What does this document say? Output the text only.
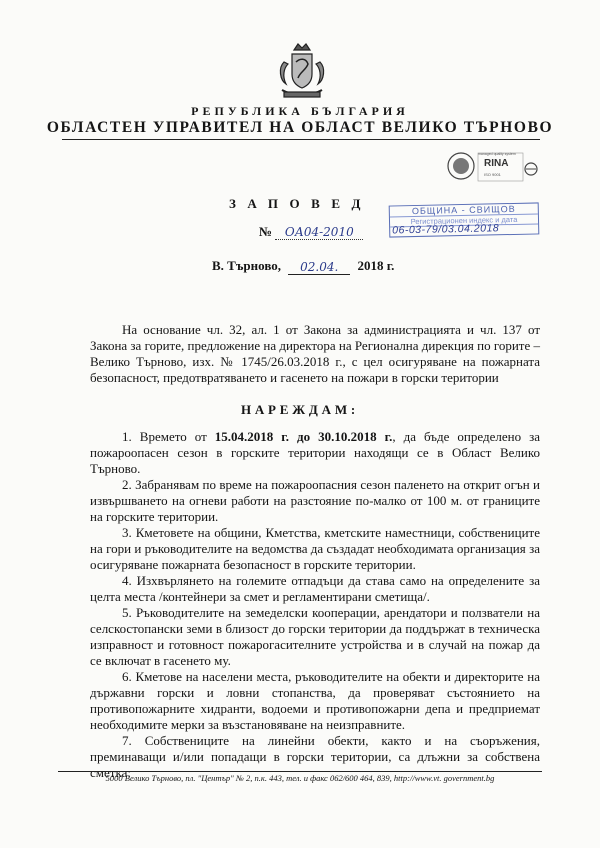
РЕПУБЛИКА БЪЛГАРИЯ
ОБЛАСТЕН УПРАВИТЕЛ НА ОБЛАСТ ВЕЛИКО ТЪРНОВО
managed quality system
RINA
ISO 9001
ЗАПОВЕД	ОБЩИНА - СВИЩОВ
Регистрационен индекс и дата
06-03-79/03.04.2018
№ ОА04-2010
В. Търново, 02.04. 2018 г.
На основание чл. 32, ал. 1 от Закона за администрацията и чл. 137 от Закона за горите, предложение на директора на Регионална дирекция по горите – Велико Търново, изх. № 1745/26.03.2018 г., с цел осигуряване на пожарната безопасност, предотвратяването и гасенето на пожари в горски територии
НАРЕЖДАМ:
1. Времето от 15.04.2018 г. до 30.10.2018 г., да бъде определено за пожароопасен сезон в горските територии находящи се в Област Велико Търново.
2. Забранявам по време на пожароопасния сезон паленето на открит огън и извършването на огневи работи на разстояние по-малко от 100 м. от границите на горските територии.
3. Кметовете на общини, Кметства, кметските наместници, собствениците на гори и ръководителите на ведомства да създадат необходимата организация за осигуряване пожарната безопасност в горските територии.
4. Изхвърлянето на големите отпадъци да става само на определените за целта места /контейнери за смет и регламентирани сметища/.
5. Ръководителите на земеделски кооперации, арендатори и ползватели на селскостопански земи в близост до горски територии да поддържат в техническа изправност и готовност пожарогасителните устройства и в случай на пожар да се включат в гасенето му.
6. Кметове на населени места, ръководителите на обекти и директорите на държавни горски и ловни стопанства, да проверяват състоянието на противопожарните хидранти, водоеми и противопожарни депа и предприемат необходимите мерки за възстановяване на неизправните.
7. Собствениците на линейни обекти, както и на съоръжения, преминаващи и/или попадащи в горски територии, са длъжни за собствена сметка:
5000 Велико Търново, пл. "Център" № 2, п.к. 443, тел. и факс 062/600 464, 839, http://www.vt. government.bg
